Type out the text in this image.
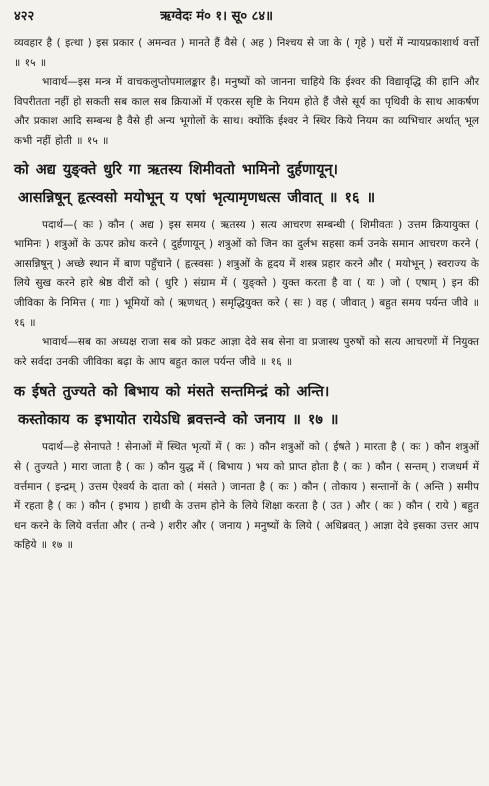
४२२	ऋग्वेदः मं० १। सू० ८४॥

व्यवहार है ( इत्था ) इस प्रकार ( अमन्वत ) मानते हैं वैसे ( अह ) निश्चय से जा के ( गृहे ) घरों में न्यायप्रकाशार्थ वर्त्तो ॥ १५ ॥

भावार्थ—इस मन्त्र में वाचकलुप्तोपमालङ्कार है। मनुष्यों को जानना चाहिये कि ईश्वर की विद्यावृद्धि की हानि और विपरीतता नहीं हो सकती सब काल सब क्रियाओं में एकरस सृष्टि के नियम होते हैं जैसे सूर्य का पृथिवी के साथ आकर्षण और प्रकाश आदि सम्बन्ध है वैसे ही अन्य भूगोलों के साथ। क्योंकि ईश्वर ने स्थिर किये नियम का व्यभिचार अर्थात् भूल कभी नहीं होती ॥ १५ ॥

को अद्य युङ्क्ते धुरि गा ऋतस्य शिमीवतो भामिनो दुर्हणायून्।
आसन्निषून् हृत्स्वसो मयोभून् य एषां भृत्यामृणधत्स जीवात् ॥ १६ ॥

पदार्थ—( कः ) कौन ( अद्य ) इस समय ( ऋतस्य ) सत्य आचरण सम्बन्धी ( शिमीवतः ) उत्तम क्रियायुक्त ( भामिनः ) शत्रुओं के ऊपर क्रोध करने ( दुर्हणायून् ) शत्रुओं को जिन का दुर्लभ सहसा कर्म उनके समान आचरण करने ( आसन्निषून् ) अच्छे स्थान में बाण पहुँचाने ( हृत्स्वसः ) शत्रुओं के हृदय में शस्त्र प्रहार करने और ( मयोभून् ) स्वराज्य के लिये सुख करने हारे श्रेष्ठ वीरों को ( धुरि ) संग्राम में ( युङ्क्ते ) युक्त करता है वा ( यः ) जो ( एषाम् ) इन की जीविका के निमित्त ( गाः ) भूमियों को ( ऋणधत् ) समृद्धियुक्त करे ( सः ) वह ( जीवात् ) बहुत समय पर्यन्त जीवे ॥ १६ ॥

भावार्थ—सब का अध्यक्ष राजा सब को प्रकट आज्ञा देवे सब सेना वा प्रजास्थ पुरुषों को सत्य आचरणों में नियुक्त करे सर्वदा उनकी जीविका बढ़ा के आप बहुत काल पर्यन्त जीवे ॥ १६ ॥

क ईषते तुज्यते को बिभाय को मंसते सन्तमिन्द्रं को अन्ति।
कस्तोकाय क इभायोत रायेऽधि ब्रवत्तन्वे को जनाय ॥ १७ ॥

पदार्थ—हे सेनापते ! सेनाओं में स्थित भृत्यों में ( कः ) कौन शत्रुओं को ( ईषते ) मारता है ( कः ) कौन शत्रुओं से ( तुज्यते ) मारा जाता है ( कः ) कौन युद्ध में ( बिभाय ) भय को प्राप्त होता है ( कः ) कौन ( सन्तम् ) राजधर्म में वर्त्तमान ( इन्द्रम् ) उत्तम ऐश्वर्य के दाता को ( मंसते ) जानता है ( कः ) कौन ( तोकाय ) सन्तानों के ( अन्ति ) समीप में रहता है ( कः ) कौन ( इभाय ) हाथी के उत्तम होने के लिये शिक्षा करता है ( उत ) और ( कः ) कौन ( राये ) बहुत धन करने के लिये वर्त्तता और ( तन्वे ) शरीर और ( जनाय ) मनुष्यों के लिये ( अधिब्रवत् ) आज्ञा देवे इसका उत्तर आप कहिये ॥ १७ ॥
